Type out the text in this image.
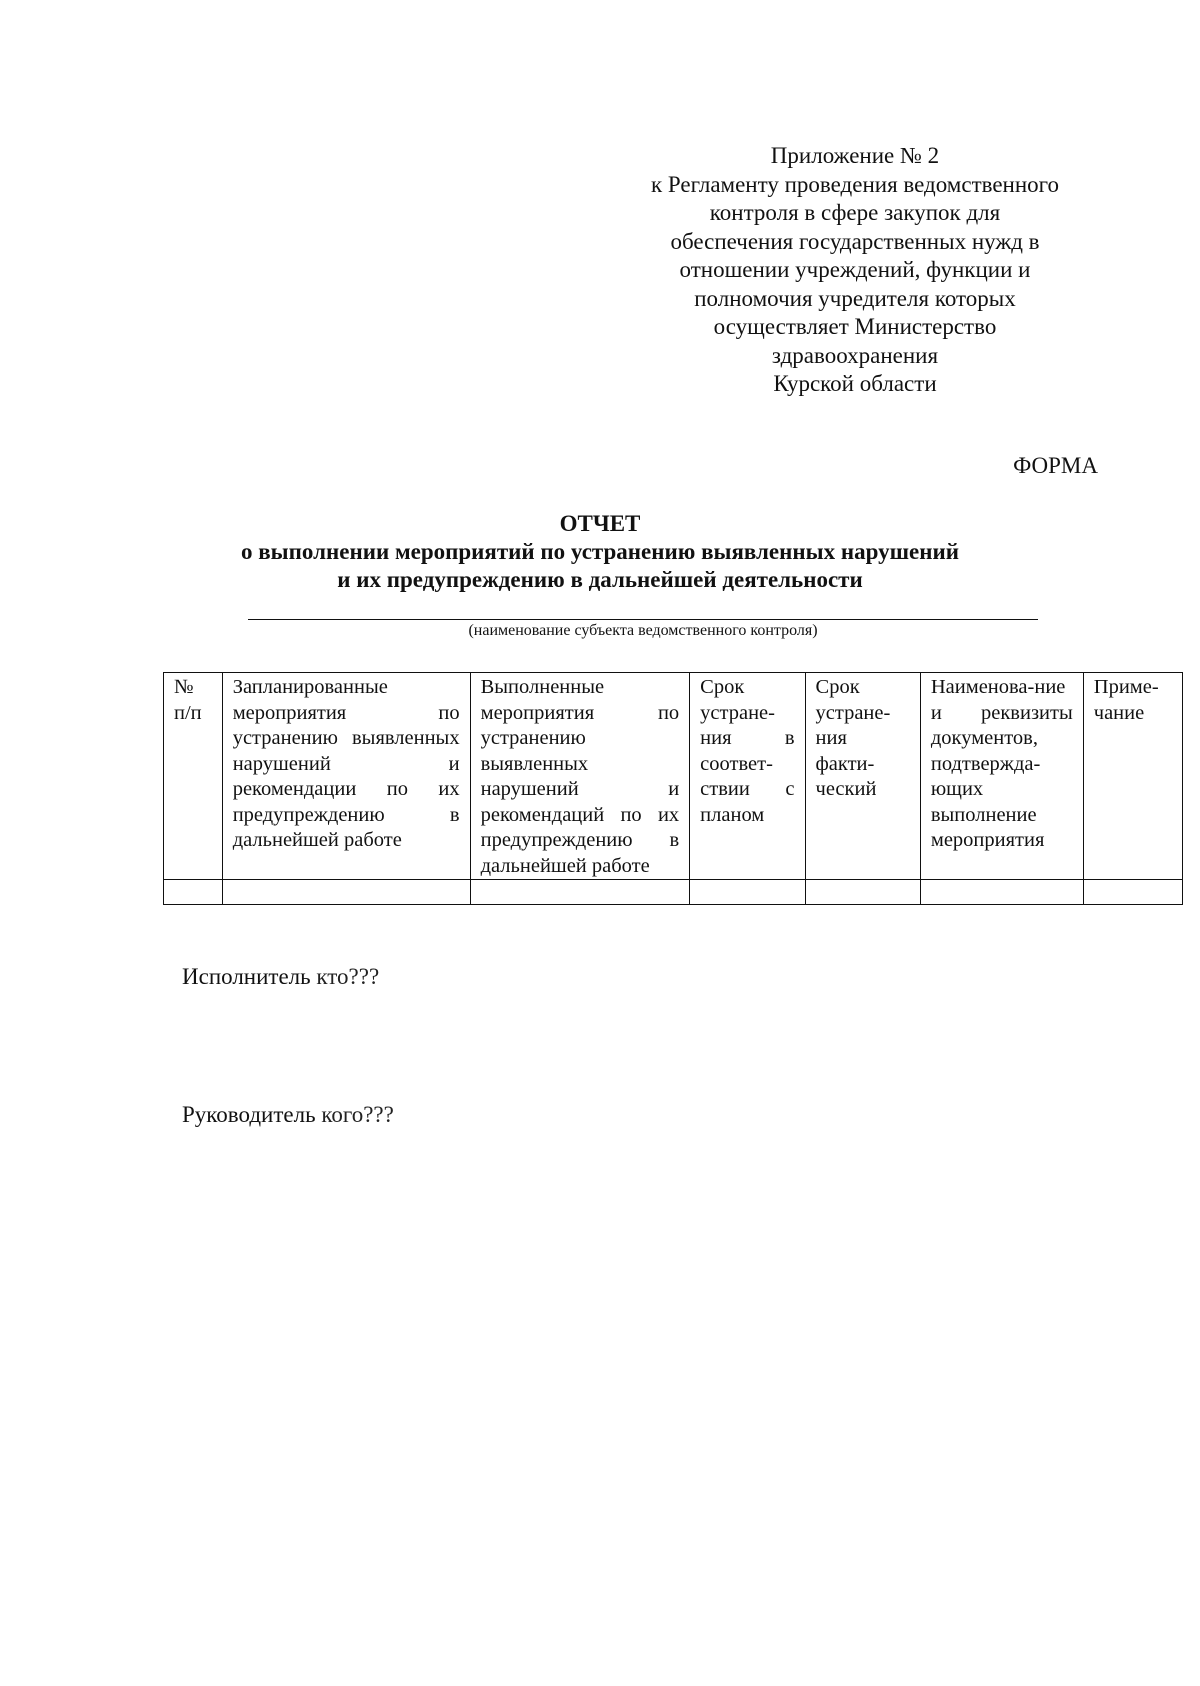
Приложение № 2
к Регламенту проведения ведомственного
контроля в сфере закупок для
обеспечения государственных нужд в
отношении учреждений, функции и
полномочия учредителя которых
осуществляет Министерство
здравоохранения
Курской области
ФОРМА
ОТЧЕТ
о выполнении мероприятий по устранению выявленных нарушений
и их предупреждению в дальнейшей деятельности
(наименование субъекта ведомственного контроля)
№
п/п	Запланированные мероприятия по устранению выявленных нарушений и рекомендации по их предупреждению в дальнейшей работе	Выполненные мероприятия по устранению выявленных нарушений и рекомендаций по их предупреждению в дальнейшей работе	Срок устране-ния в соответ-ствии с планом	Срок устране-ния факти-ческий	Наименова-ние и реквизиты документов, подтвержда-ющих выполнение мероприятия	Приме-чание

Исполнитель кто???
Руководитель кого???
